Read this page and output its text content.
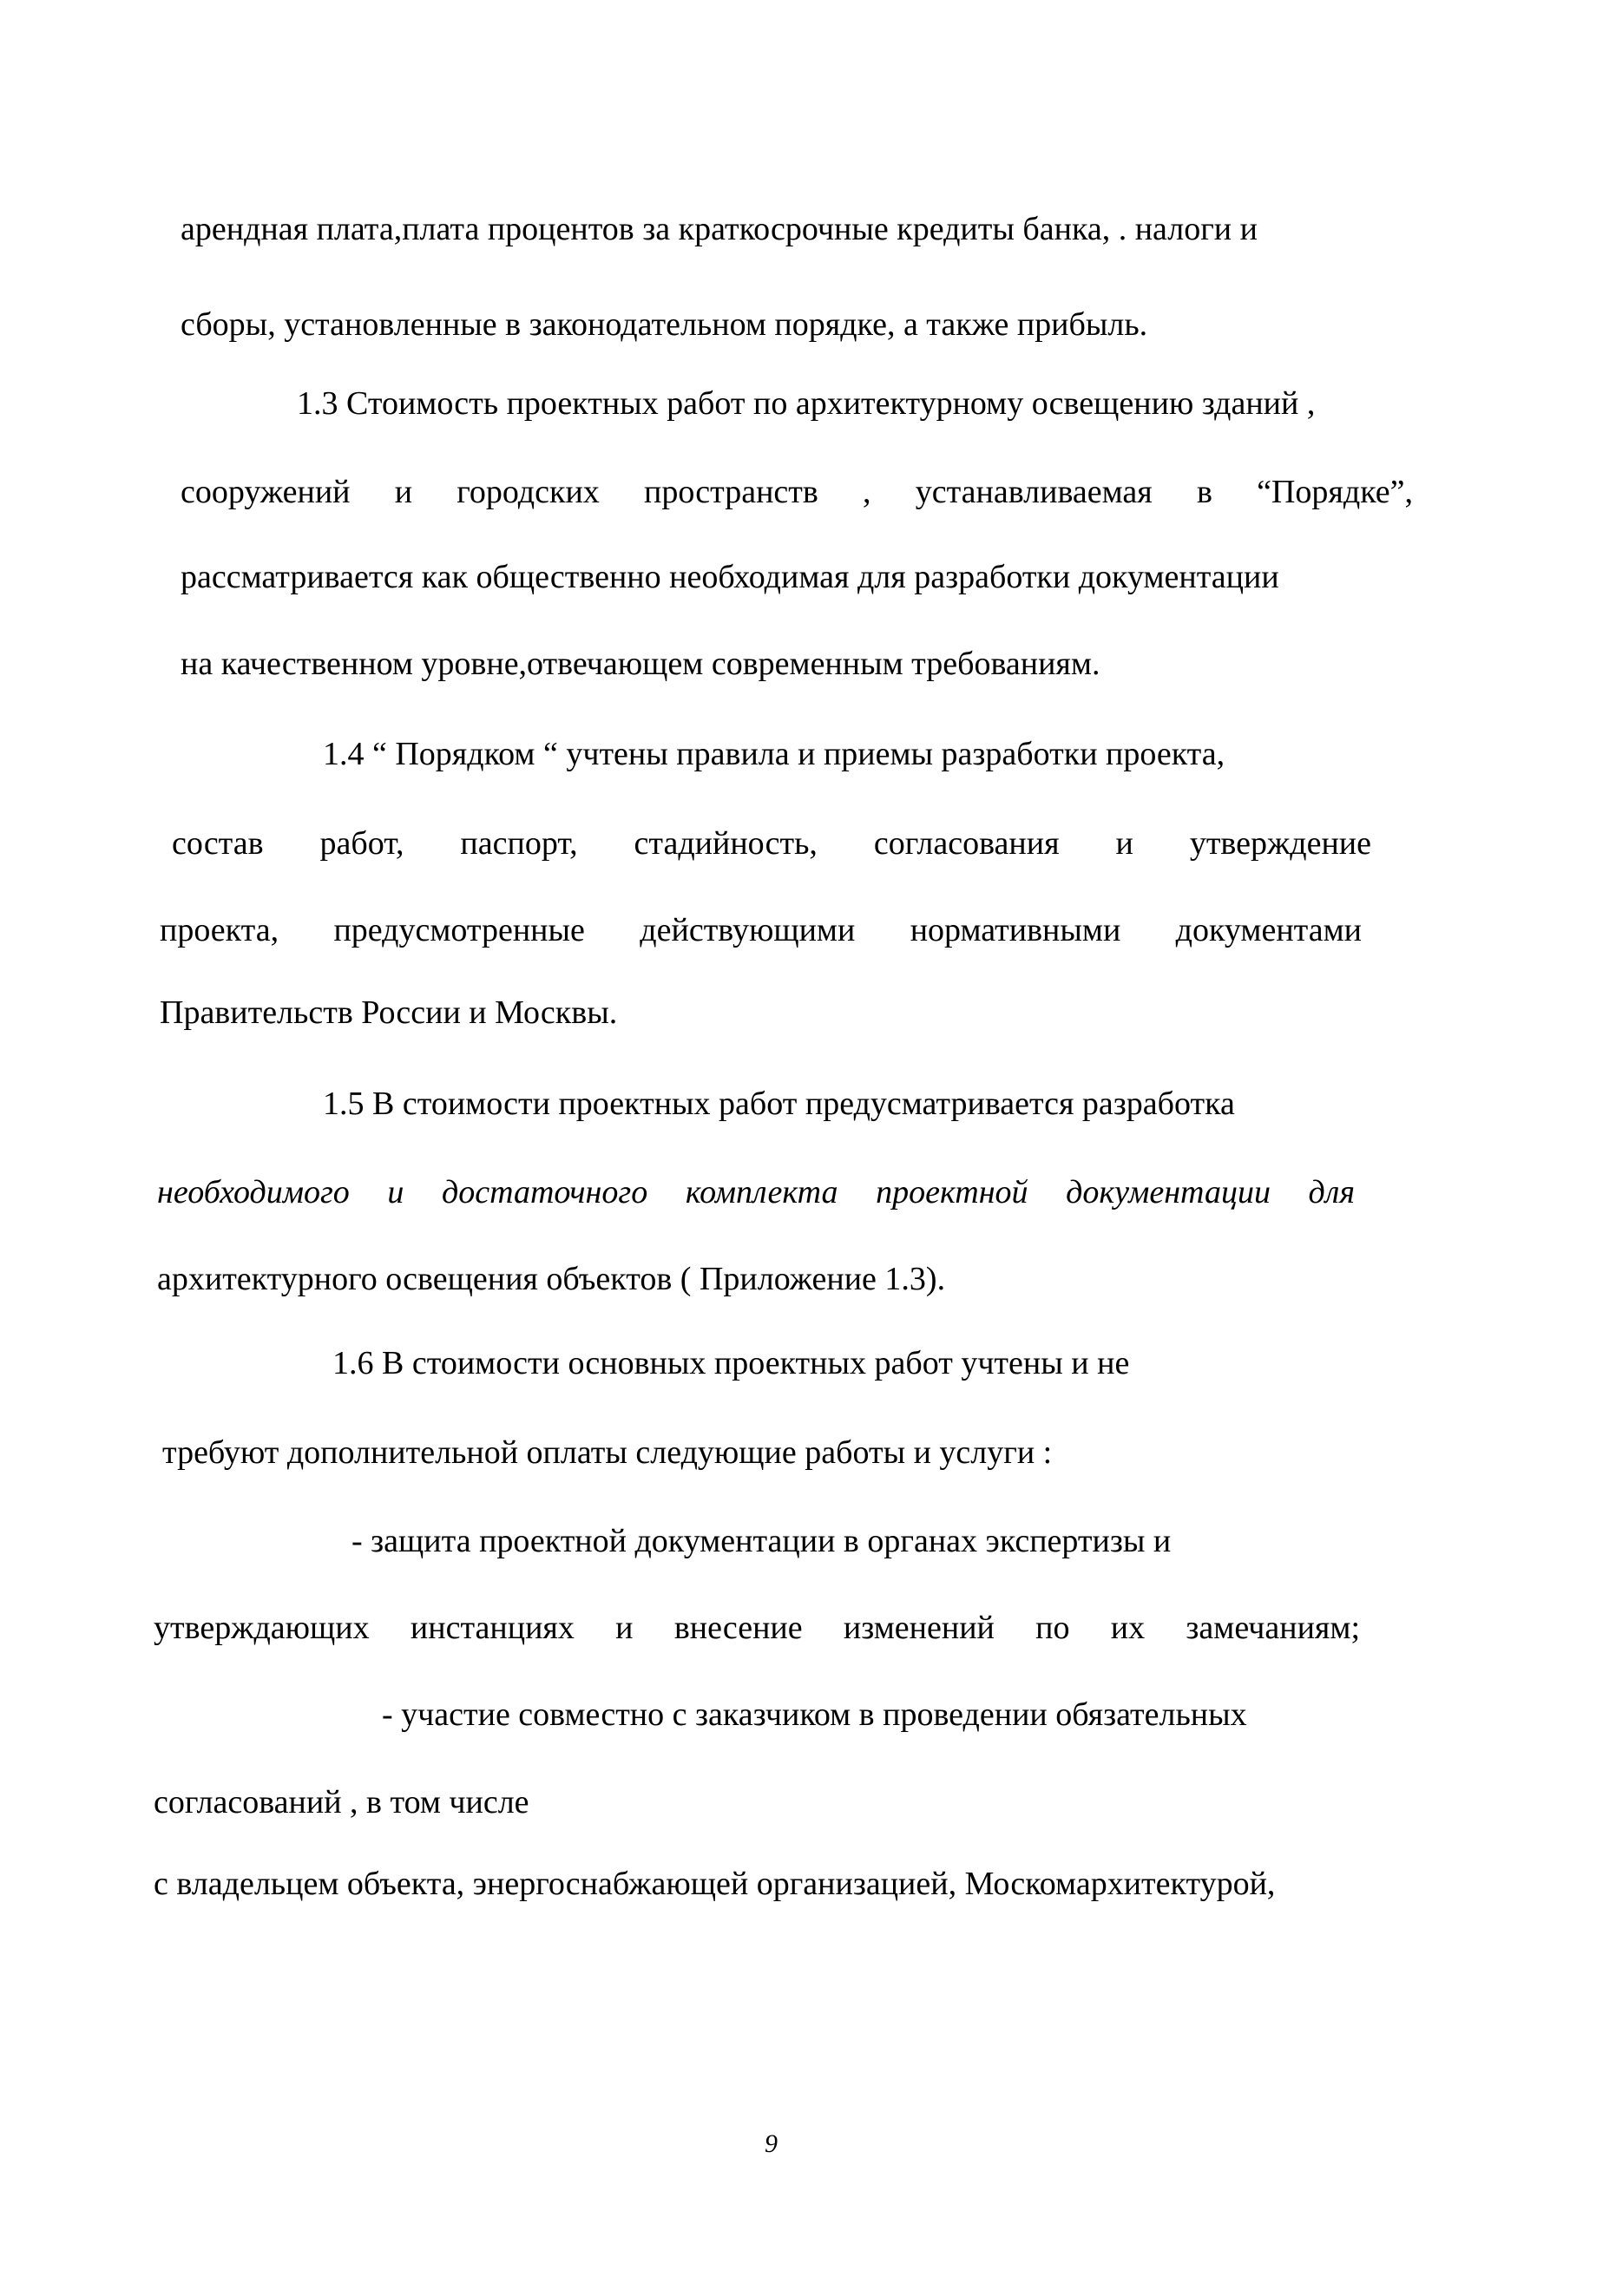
арендная плата,плата процентов за краткосрочные кредиты банка, . налоги и
сборы, установленные в законодательном порядке, а также прибыль.
1.3 Стоимость проектных работ по архитектурному освещению зданий ,
сооружений и городских пространств , устанавливаемая в “Порядке”,
рассматривается как общественно необходимая для разработки документации
на качественном уровне,отвечающем современным требованиям.
1.4 “ Порядком “ учтены правила и приемы разработки проекта,
состав работ, паспорт, стадийность, согласования и утверждение
проекта, предусмотренные действующими нормативными документами
Правительств России и Москвы.
1.5 В стоимости проектных работ предусматривается разработка
необходимого и достаточного комплекта проектной документации для
архитектурного освещения объектов ( Приложение 1.3).
1.6 В стоимости основных проектных работ учтены и не
требуют дополнительной оплаты следующие работы и услуги :
- защита проектной документации в органах экспертизы и
утверждающих инстанциях и внесение изменений по их замечаниям;
- участие совместно с заказчиком в проведении обязательных
согласований , в том числе
с владельцем объекта, энергоснабжающей организацией, Москомархитектурой,
9
